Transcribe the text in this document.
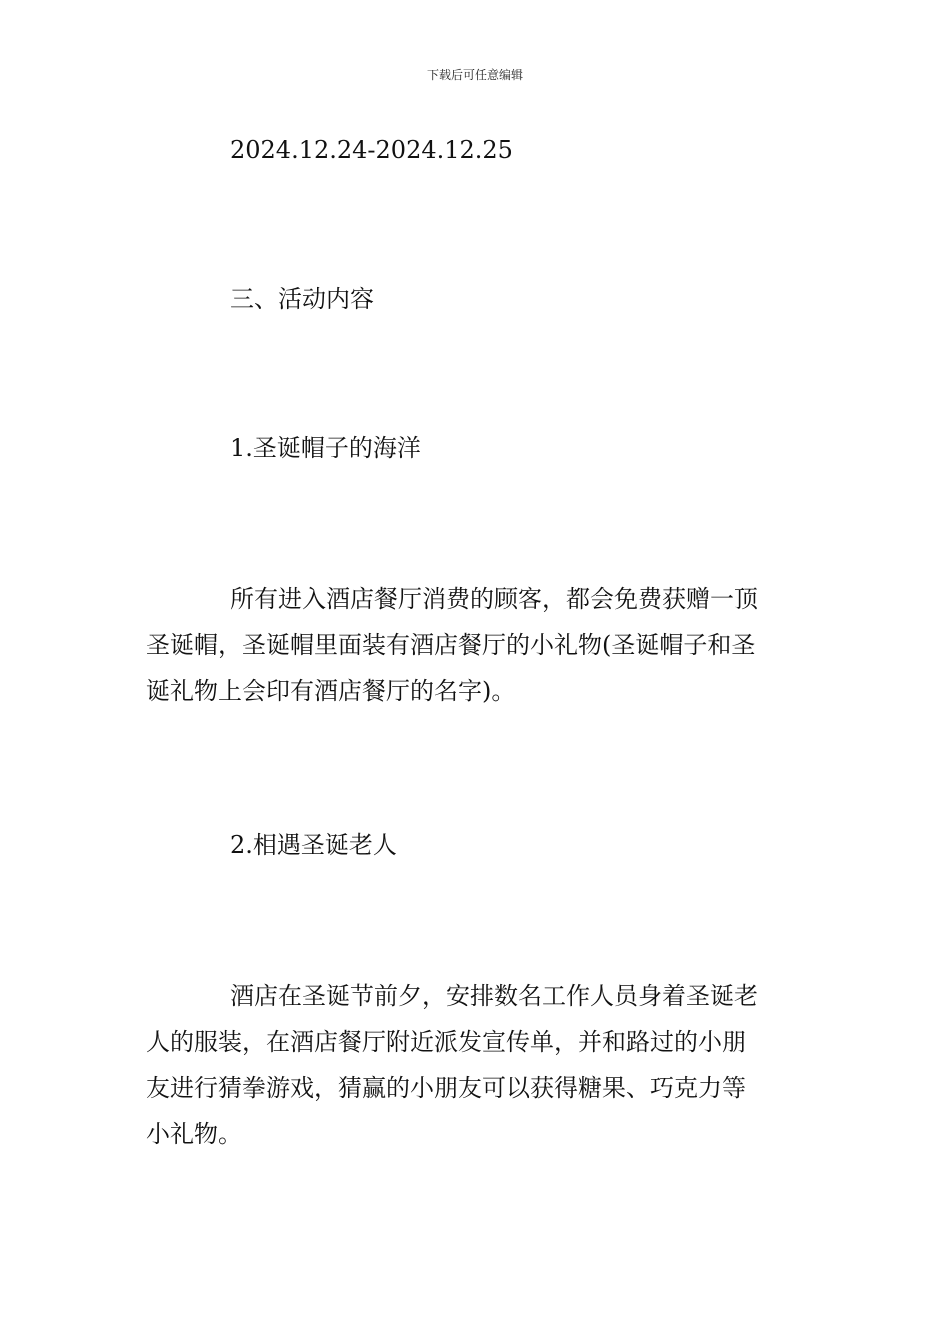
下载后可任意编辑
2024.12.24-2024.12.25
三、活动内容
1.圣诞帽子的海洋
所有进入酒店餐厅消费的顾客，都会免费获赠一顶
圣诞帽，圣诞帽里面装有酒店餐厅的小礼物(圣诞帽子和圣
诞礼物上会印有酒店餐厅的名字)。
2.相遇圣诞老人
酒店在圣诞节前夕，安排数名工作人员身着圣诞老
人的服装，在酒店餐厅附近派发宣传单，并和路过的小朋
友进行猜拳游戏，猜赢的小朋友可以获得糖果、巧克力等
小礼物。
